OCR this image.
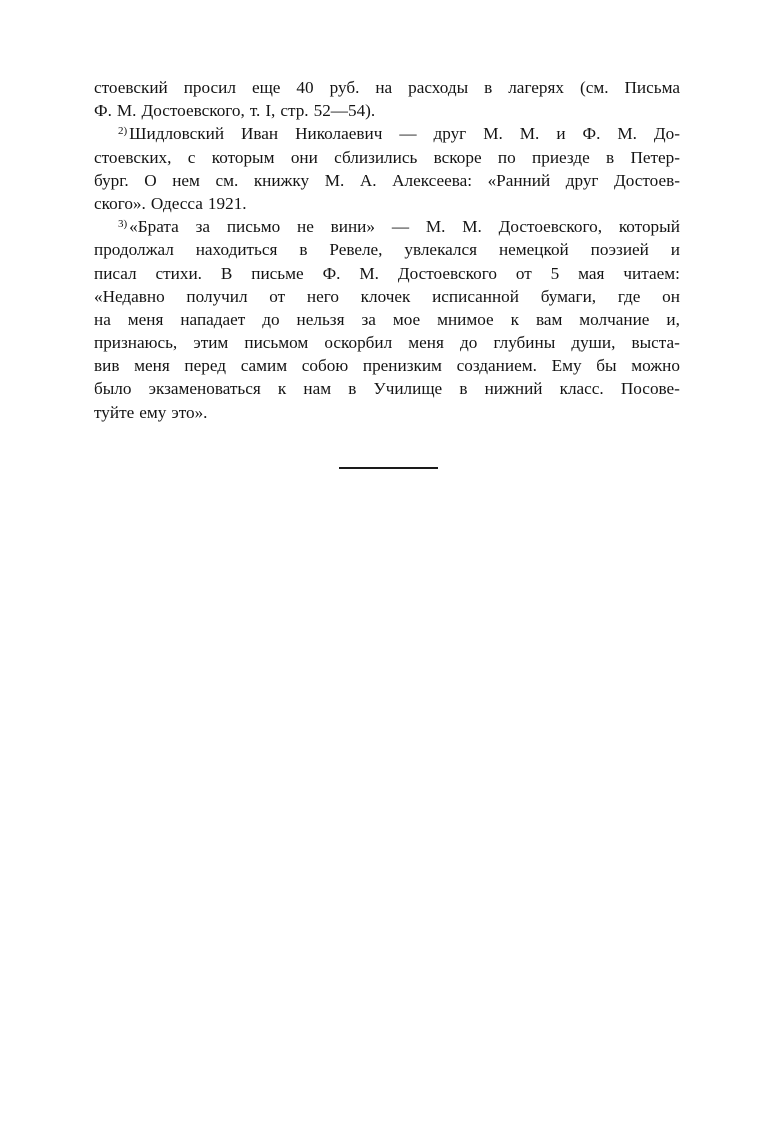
стоевский просил еще 40 руб. на расходы в лагерях (см. Письма
Ф. М. Достоевского, т. I, стр. 52—54).
$^{2)}$ Шидловский Иван Николаевич — друг М. М. и Ф. М. До-
стоевских, с которым они сблизились вскоре по приезде в Петер-
бург. О нем см. книжку М. А. Алексеева: «Ранний друг Достоев-
ского». Одесса 1921.
$^{3)}$ «Брата за письмо не вини» — М. М. Достоевского, который
продолжал находиться в Ревеле, увлекался немецкой поэзией и
писал стихи. В письме Ф. М. Достоевского от 5 мая читаем:
«Недавно получил от него клочек исписанной бумаги, где он
на меня нападает до нельзя за мое мнимое к вам молчание и,
признаюсь, этим письмом оскорбил меня до глубины души, выста-
вив меня перед самим собою пренизким созданием. Ему бы можно
было экзаменоваться к нам в Училище в нижний класс. Посове-
туйте ему это».
